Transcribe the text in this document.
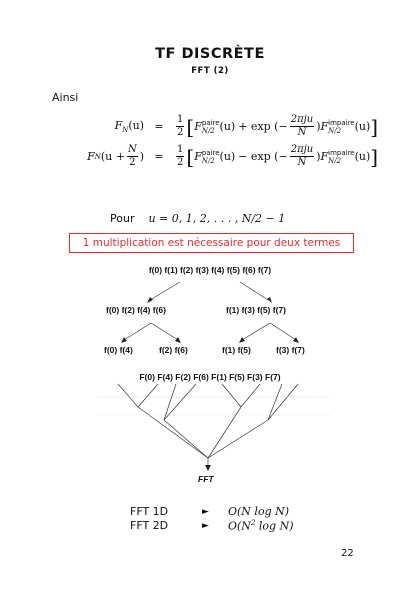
TF DISCRÈTE
FFT (2)
Ainsi
$F_N(u)$ =	$\frac{1}{2}$ [ F paire
N/2 (u) + exp (− $\frac{\text{2πju}}{N}$ ) F impaire
N/2	(u) ]
F N ($u + \frac{N}{2}$ ) =	$\frac{1}{2}$ [ F paire
N/2 (u) − exp (− $\frac{\text{2πju}}{N}$ ) F impaire
N/2	(u) ]
Pour u = 0, 1, 2, . . . , N/2 − 1
1 multiplication est nécessaire pour deux termes
f(0) f(1) f(2) f(3) f(4) f(5) f(6) f(7)
f(0) f(2) f(4) f(6)	f(1) f(3) f(5) f(7)
f(0) f(4)	f(2) f(6)	f(1) f(5)	f(3) f(7)
F(0) F(4) F(2) F(6) F(1) F(5) F(3) F(7)
FFT
FFT 1D	►	O(N log N)
FFT 2D	►	$O(N^2$ log N)
22
